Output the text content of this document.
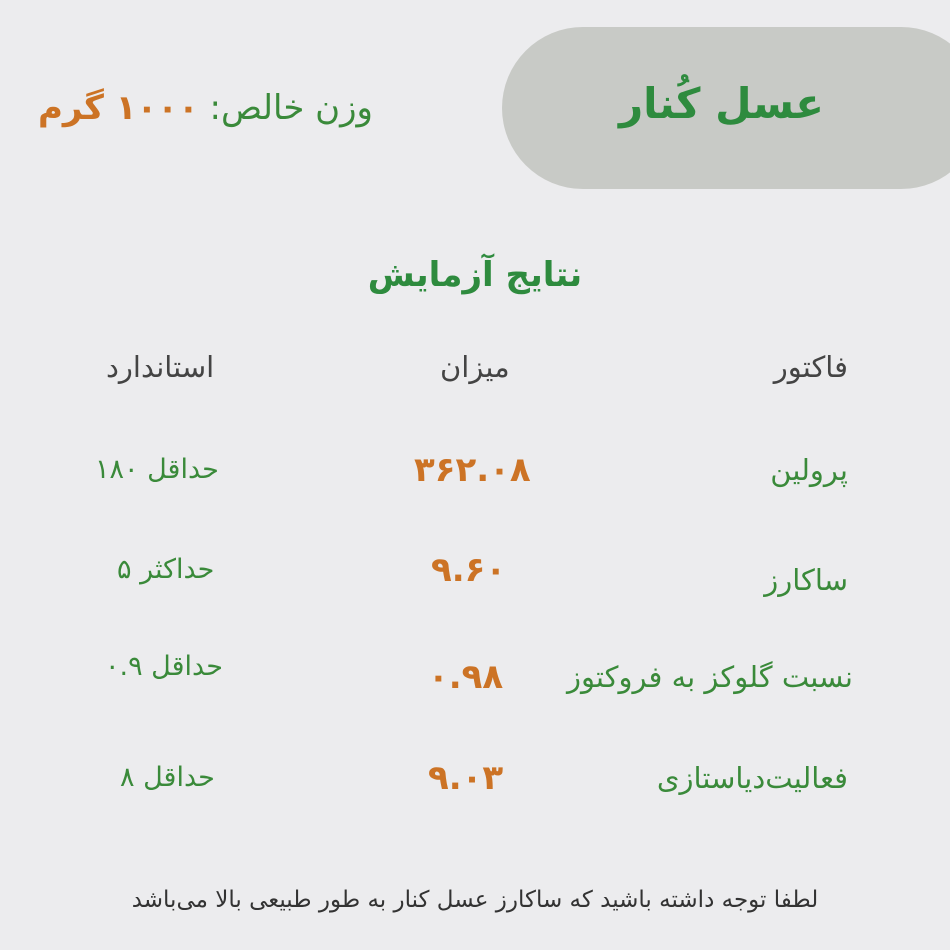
عسل کُنار
وزن خالص: ۱۰۰۰ گرم
نتایج آزمایش
فاکتور
میزان
استاندارد
پرولین
۳۶۲.۰۸
حداقل ۱۸۰
ساکارز
۹.۶۰
حداکثر ۵
نسبت گلوکز به فروکتوز
۰.۹۸
حداقل ۰.۹
فعالیت‌دیاستازی
۹.۰۳
حداقل ۸
لطفا توجه داشته باشید که ساکارز عسل کنار به طور طبیعی بالا می‌باشد
